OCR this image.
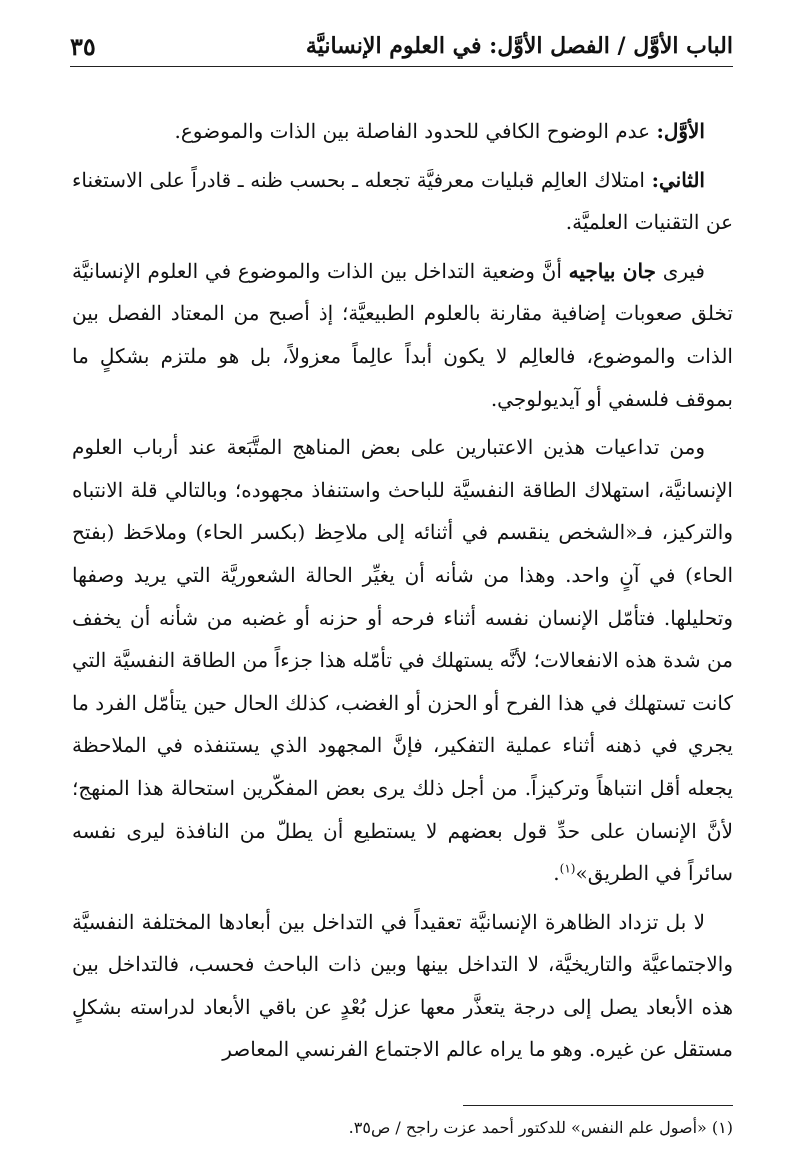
الباب الأوَّل / الفصل الأوَّل: في العلوم الإنسانيَّة
٣٥

الأوَّل: عدم الوضوح الكافي للحدود الفاصلة بين الذات والموضوع.

الثاني: امتلاك العالِم قبليات معرفيَّة تجعله ـ بحسب ظنه ـ قادراً على الاستغناء عن التقنيات العلميَّة.

فيرى جان بياجيه أنَّ وضعية التداخل بين الذات والموضوع في العلوم الإنسانيَّة تخلق صعوبات إضافية مقارنة بالعلوم الطبيعيَّة؛ إذ أصبح من المعتاد الفصل بين الذات والموضوع، فالعالِم لا يكون أبداً عالِماً معزولاً، بل هو ملتزم بشكلٍ ما بموقف فلسفي أو آيديولوجي.

ومن تداعيات هذين الاعتبارين على بعض المناهج المتَّبَعة عند أرباب العلوم الإنسانيَّة، استهلاك الطاقة النفسيَّة للباحث واستنفاذ مجهوده؛ وبالتالي قلة الانتباه والتركيز، فـ«الشخص ينقسم في أثنائه إلى ملاحِظ (بكسر الحاء) وملاحَظ (بفتح الحاء) في آنٍ واحد. وهذا من شأنه أن يغيِّر الحالة الشعوريَّة التي يريد وصفها وتحليلها. فتأمّل الإنسان نفسه أثناء فرحه أو حزنه أو غضبه من شأنه أن يخفف من شدة هذه الانفعالات؛ لأنَّه يستهلك في تأمّله هذا جزءاً من الطاقة النفسيَّة التي كانت تستهلك في هذا الفرح أو الحزن أو الغضب، كذلك الحال حين يتأمّل الفرد ما يجري في ذهنه أثناء عملية التفكير، فإنَّ المجهود الذي يستنفذه في الملاحظة يجعله أقل انتباهاً وتركيزاً. من أجل ذلك يرى بعض المفكّرين استحالة هذا المنهج؛ لأنَّ الإنسان على حدِّ قول بعضهم لا يستطيع أن يطلّ من النافذة ليرى نفسه سائراً في الطريق»$^{(١)}$.

لا بل تزداد الظاهرة الإنسانيَّة تعقيداً في التداخل بين أبعادها المختلفة النفسيَّة والاجتماعيَّة والتاريخيَّة، لا التداخل بينها وبين ذات الباحث فحسب، فالتداخل بين هذه الأبعاد يصل إلى درجة يتعذَّر معها عزل بُعْدٍ عن باقي الأبعاد لدراسته بشكلٍ مستقل عن غيره. وهو ما يراه عالم الاجتماع الفرنسي المعاصر

(١) «أصول علم النفس» للدكتور أحمد عزت راجح / ص٣٥.
